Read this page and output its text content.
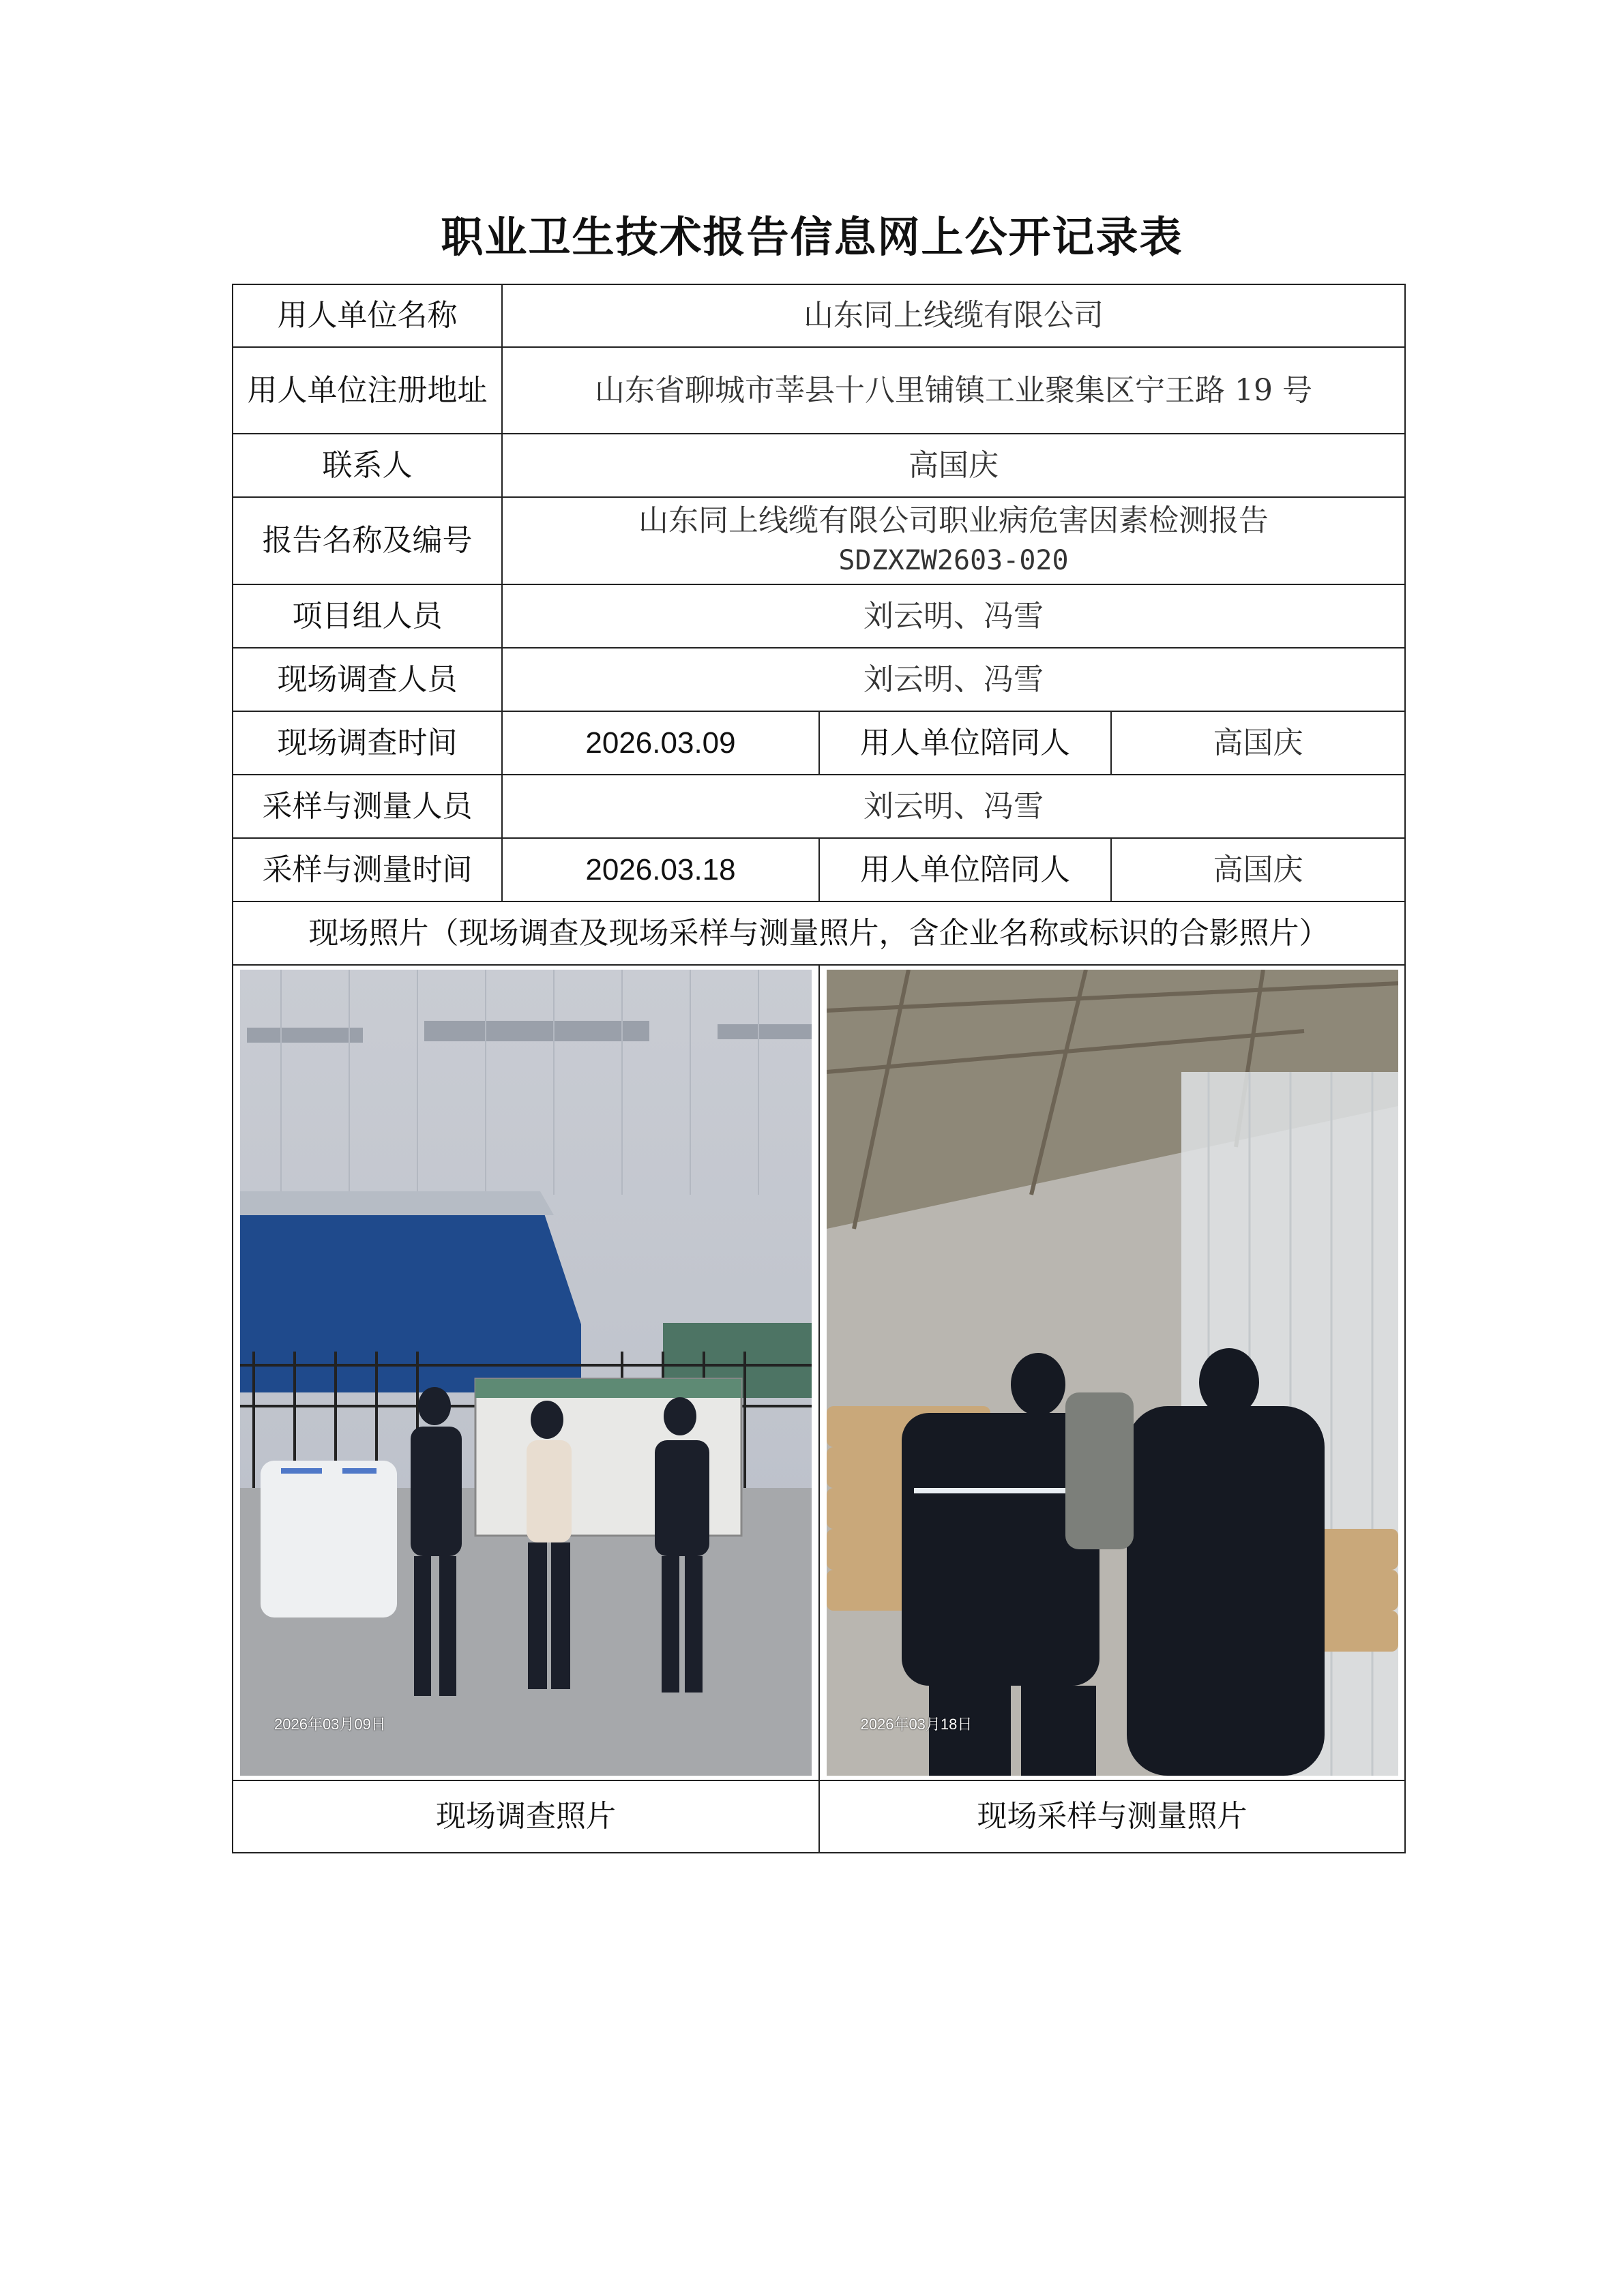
职业卫生技术报告信息网上公开记录表
用人单位名称	山东同上线缆有限公司		
用人单位注册地址	山东省聊城市莘县十八里铺镇工业聚集区宁王路 19 号		
联系人	高国庆		
报告名称及编号	山东同上线缆有限公司职业病危害因素检测报告
SDZXZW2603-020		

项目组人员	刘云明、冯雪		
现场调查人员	刘云明、冯雪		
现场调查时间	2026.03.09	用人单位陪同人	高国庆
采样与测量人员	刘云明、冯雪		
采样与测量时间	2026.03.18	用人单位陪同人	高国庆
现场照片（现场调查及现场采样与测量照片，含企业名称或标识的合影照片）			

2026年03月09日		2026年03月18日	

现场调查照片		现场采样与测量照片	
